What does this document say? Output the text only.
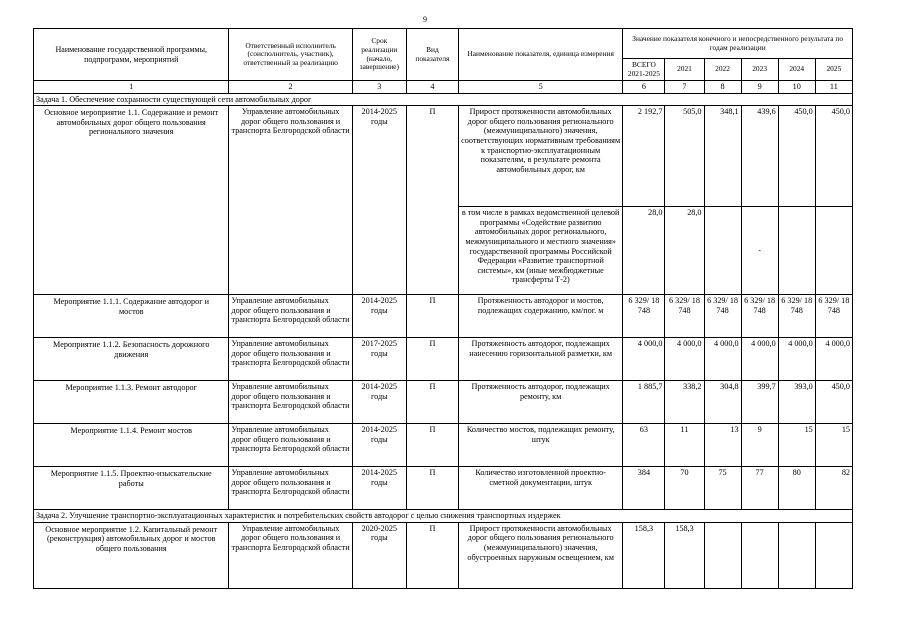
9
Наименование государственной программы, подпрограмм, мероприятий	Ответственный исполнитель (соисполнитель, участник), ответственный за реализацию	Срок реализации (начало, завершение)	Вид показателя	Наименование показателя, единица измерения	Значение показателя конечного и непосредственного результата по годам реализации					
					ВСЕГО 2021-2025	2021	2022	2023	2024	2025
1	2	3	4	5	6	7	8	9	10	11
Задача 1. Обеспечение сохранности существующей сети автомобильных дорог										
Основное мероприятие 1.1. Содержание и ремонт автомобильных дорог общего пользования регионального значения	Управление автомобильных дорог общего пользования и транспорта Белгородской области	2014-2025 годы	П	Прирост протяженности автомобильных дорог общего пользования регионального (межмуниципального) значения, соответствующих нормативным требованиям к транспортно-эксплуатационным показателям, в результате ремонта автомобильных дорог, км	2 192,7	505,0	348,1	439,6	450,0	450,0
				в том числе в рамках ведомственной целевой программы «Содействие развитию автомобильных дорог регионального, межмуниципального и местного значения» государственной программы Российской Федерации «Развитие транспортной системы», км (иные межбюджетные трансферты Т-2)	28,0	28,0		-		
Мероприятие 1.1.1. Содержание автодорог и мостов	Управление автомобильных дорог общего пользования и транспорта Белгородской области	2014-2025 годы	П	Протяженность автодорог и мостов, подлежащих содержанию, км/пог. м	6 329/ 18 748	6 329/ 18 748	6 329/ 18 748	6 329/ 18 748	6 329/ 18 748	6 329/ 18 748
Мероприятие 1.1.2. Безопасность дорожного движения	Управление автомобильных дорог общего пользования и транспорта Белгородской области	2017-2025 годы	П	Протяженность автодорог, подлежащих нанесению горизонтальной разметки, км	4 000,0	4 000,0	4 000,0	4 000,0	4 000,0	4 000,0
Мероприятие 1.1.3. Ремонт автодорог	Управление автомобильных дорог общего пользования и транспорта Белгородской области	2014-2025 годы	П	Протяженность автодорог, подлежащих ремонту, км	1 885,7	338,2	304,8	399,7	393,0	450,0
Мероприятие 1.1.4. Ремонт мостов	Управление автомобильных дорог общего пользования и транспорта Белгородской области	2014-2025 годы	П	Количество мостов, подлежащих ремонту, штук	63	11	13	9	15	15
Мероприятие 1.1.5. Проектно-изыскательские работы	Управление автомобильных дорог общего пользования и транспорта Белгородской области	2014-2025 годы	П	Количество изготовленной проектно-сметной документации, штук	384	70	75	77	80	82
Задача 2. Улучшение транспортно-эксплуатационных характеристик и потребительских свойств автодорог с целью снижения транспортных издержек										
Основное мероприятие 1.2. Капитальный ремонт (реконструкция) автомобильных дорог и мостов общего пользования	Управление автомобильных дорог общего пользования и транспорта Белгородской области	2020-2025 годы	П	Прирост протяженности автомобильных дорог общего пользования регионального (межмуниципального) значения, обустроенных наружным освещением, км	158,3	158,3				
